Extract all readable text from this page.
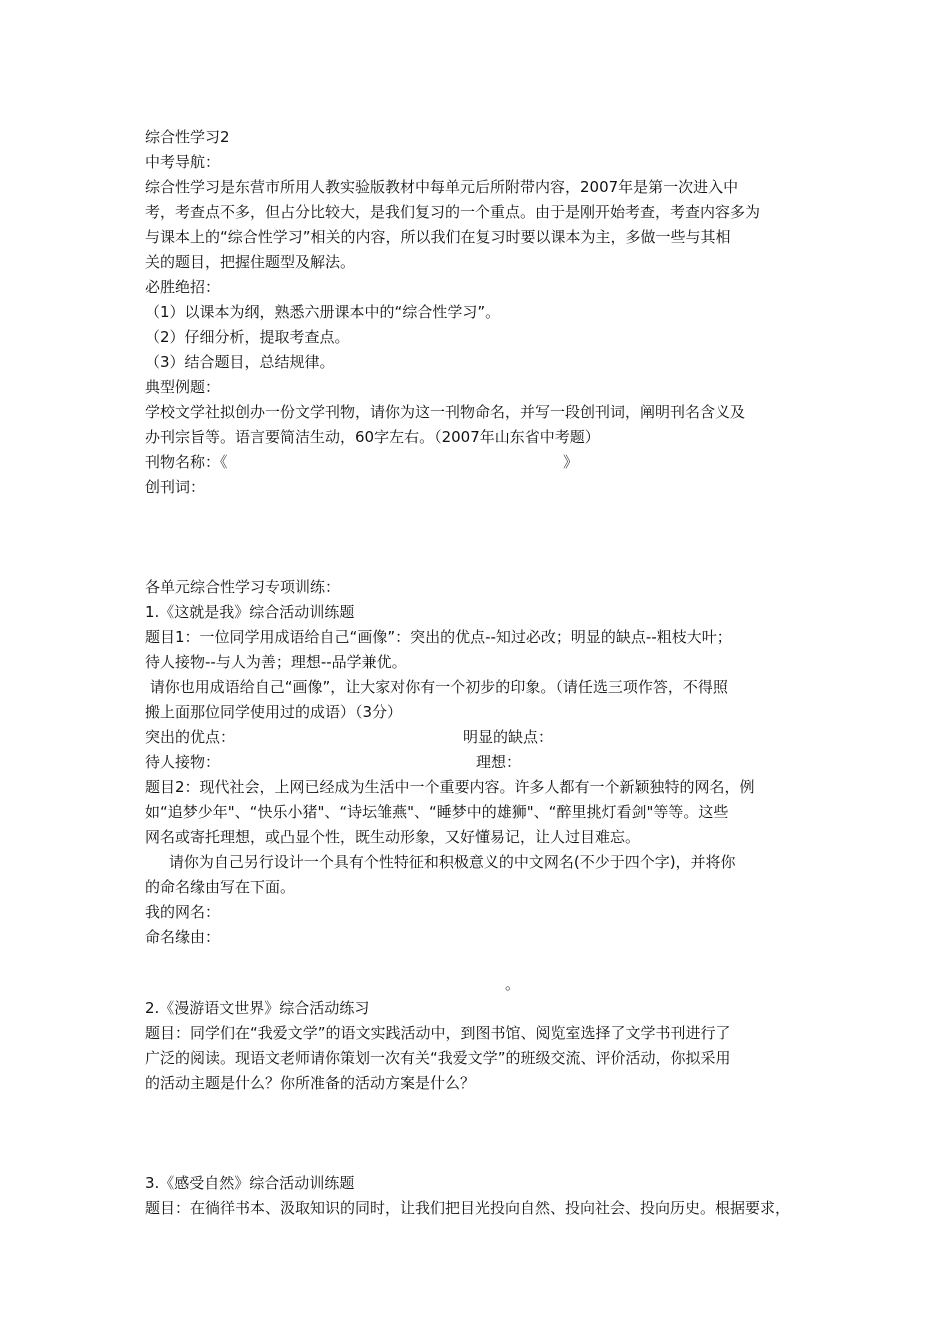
综合性学习2
中考导航：
综合性学习是东营市所用人教实验版教材中每单元后所附带内容，2007年是第一次进入中
考，考查点不多，但占分比较大，是我们复习的一个重点。由于是刚开始考查，考查内容多为
与课本上的“综合性学习”相关的内容，所以我们在复习时要以课本为主，多做一些与其相
关的题目，把握住题型及解法。
必胜绝招：
（1）以课本为纲，熟悉六册课本中的“综合性学习”。
（2）仔细分析，提取考查点。
（3）结合题目，总结规律。
典型例题：
学校文学社拟创办一份文学刊物，请你为这一刊物命名，并写一段创刊词，阐明刊名含义及
办刊宗旨等。语言要简洁生动，60字左右。（2007年山东省中考题）
刊物名称：《	》
创刊词：
各单元综合性学习专项训练：
1.《这就是我》综合活动训练题
题目1：一位同学用成语给自己“画像”：突出的优点--知过必改；明显的缺点--粗枝大叶；
待人接物--与人为善；理想--品学兼优。
请你也用成语给自己“画像”，让大家对你有一个初步的印象。（请任选三项作答，不得照
搬上面那位同学使用过的成语）（3分）
突出的优点：	明显的缺点：
待人接物：	理想：
题目2：现代社会，上网已经成为生活中一个重要内容。许多人都有一个新颖独特的网名，例
如“追梦少年"、“快乐小猪"、“诗坛雏燕"、“睡梦中的雄狮"、“醉里挑灯看剑"等等。这些
网名或寄托理想，或凸显个性，既生动形象，又好懂易记，让人过目难忘。
请你为自己另行设计一个具有个性特征和积极意义的中文网名(不少于四个字)，并将你
的命名缘由写在下面。
我的网名：
命名缘由：
。
2.《漫游语文世界》综合活动练习
题目：同学们在“我爱文学”的语文实践活动中，到图书馆、阅览室选择了文学书刊进行了
广泛的阅读。现语文老师请你策划一次有关“我爱文学”的班级交流、评价活动，你拟采用
的活动主题是什么？你所准备的活动方案是什么？
3.《感受自然》综合活动训练题
题目：在徜徉书本、汲取知识的同时，让我们把目光投向自然、投向社会、投向历史。根据要求，
